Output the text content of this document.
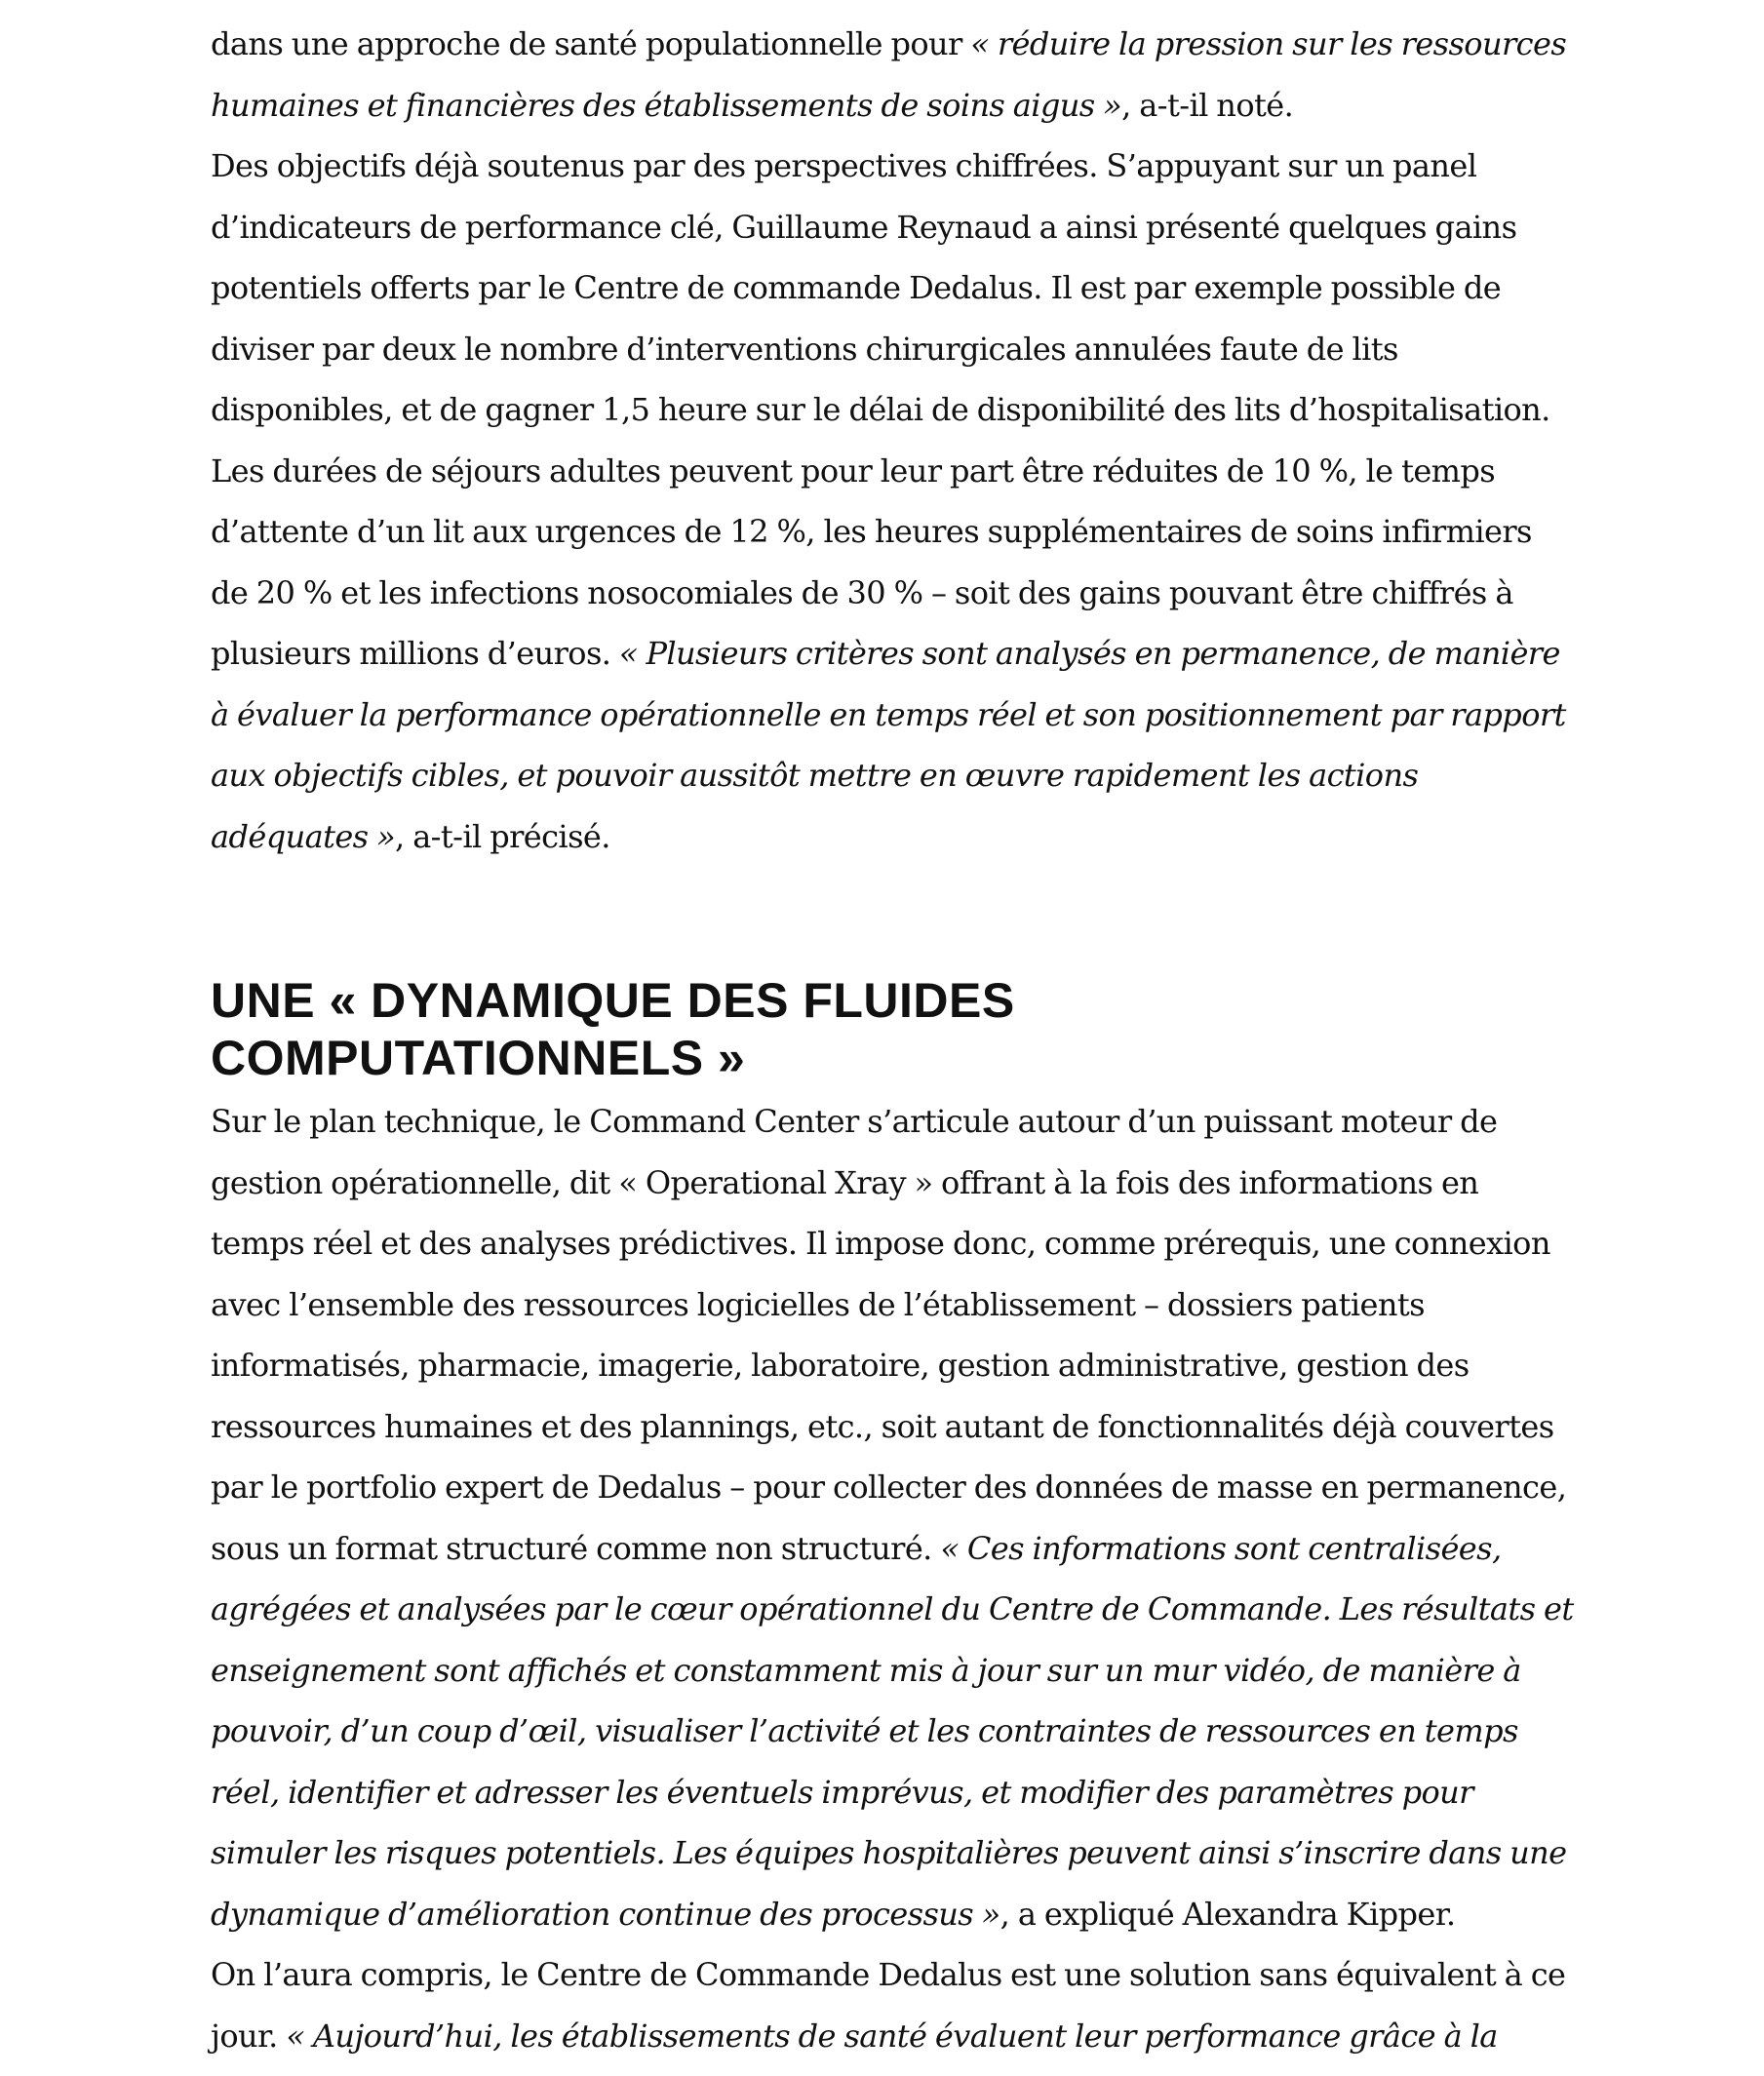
dans une approche de santé populationnelle pour « réduire la pression sur les ressources humaines et financières des établissements de soins aigus », a-t-il noté.

Des objectifs déjà soutenus par des perspectives chiffrées. S’appuyant sur un panel d’indicateurs de performance clé, Guillaume Reynaud a ainsi présenté quelques gains potentiels offerts par le Centre de commande Dedalus. Il est par exemple possible de diviser par deux le nombre d’interventions chirurgicales annulées faute de lits disponibles, et de gagner 1,5 heure sur le délai de disponibilité des lits d’hospitalisation. Les durées de séjours adultes peuvent pour leur part être réduites de 10 %, le temps d’attente d’un lit aux urgences de 12 %, les heures supplémentaires de soins infirmiers de 20 % et les infections nosocomiales de 30 % – soit des gains pouvant être chiffrés à plusieurs millions d’euros. « Plusieurs critères sont analysés en permanence, de manière à évaluer la performance opérationnelle en temps réel et son positionnement par rapport aux objectifs cibles, et pouvoir aussitôt mettre en œuvre rapidement les actions adéquates », a-t-il précisé.

UNE « DYNAMIQUE DES FLUIDES
COMPUTATIONNELS »

Sur le plan technique, le Command Center s’articule autour d’un puissant moteur de gestion opérationnelle, dit « Operational Xray » offrant à la fois des informations en temps réel et des analyses prédictives. Il impose donc, comme prérequis, une connexion avec l’ensemble des ressources logicielles de l’établissement – dossiers patients informatisés, pharmacie, imagerie, laboratoire, gestion administrative, gestion des ressources humaines et des plannings, etc., soit autant de fonctionnalités déjà couvertes par le portfolio expert de Dedalus – pour collecter des données de masse en permanence, sous un format structuré comme non structuré. « Ces informations sont centralisées, agrégées et analysées par le cœur opérationnel du Centre de Commande. Les résultats et enseignement sont affichés et constamment mis à jour sur un mur vidéo, de manière à pouvoir, d’un coup d’œil, visualiser l’activité et les contraintes de ressources en temps réel, identifier et adresser les éventuels imprévus, et modifier des paramètres pour simuler les risques potentiels. Les équipes hospitalières peuvent ainsi s’inscrire dans une dynamique d’amélioration continue des processus », a expliqué Alexandra Kipper.

On l’aura compris, le Centre de Commande Dedalus est une solution sans équivalent à ce jour. « Aujourd’hui, les établissements de santé évaluent leur performance grâce à la
